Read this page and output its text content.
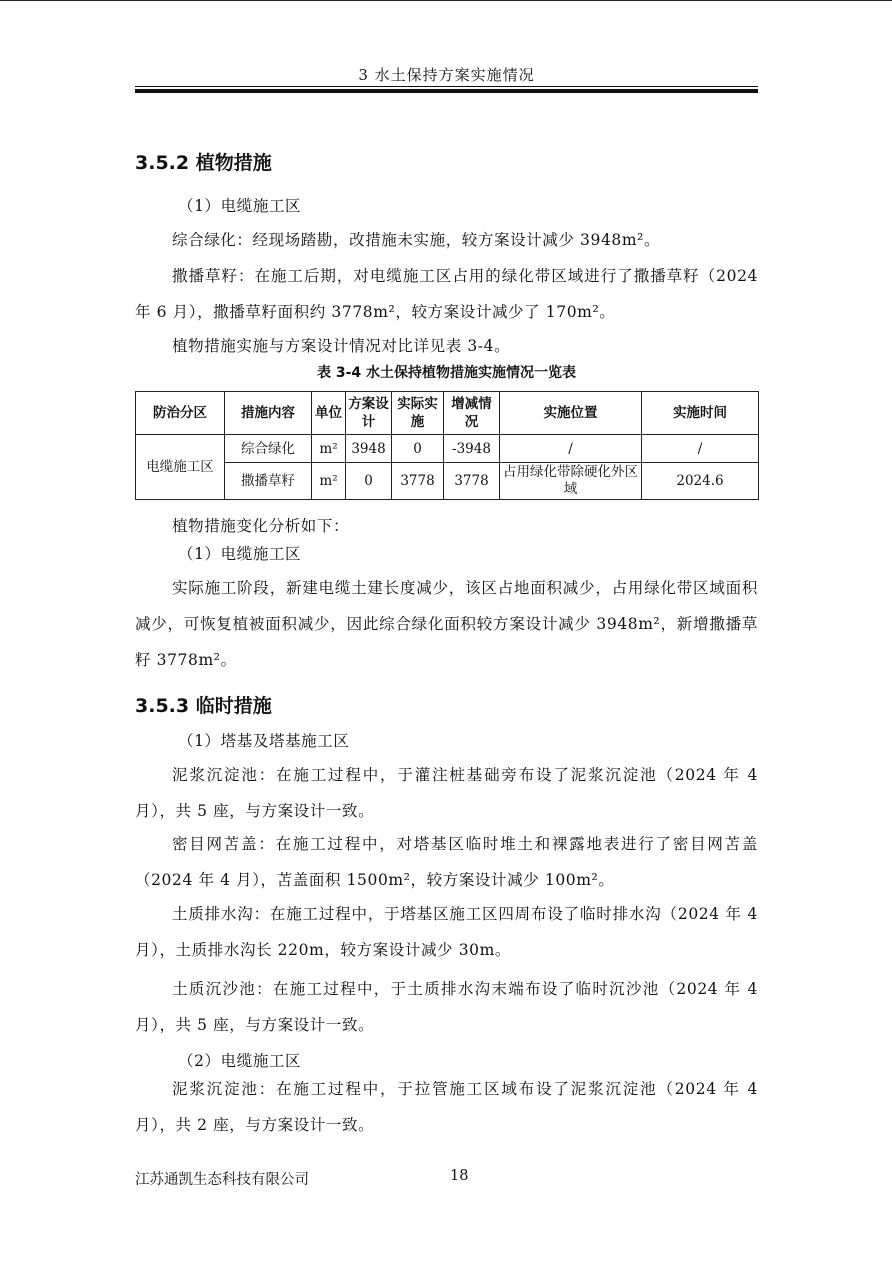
3 水土保持方案实施情况
3.5.2 植物措施
（1）电缆施工区
综合绿化：经现场踏勘，改措施未实施，较方案设计减少 3948m²。
撒播草籽：在施工后期，对电缆施工区占用的绿化带区域进行了撒播草籽（2024 年 6 月），撒播草籽面积约 3778m²，较方案设计减少了 170m²。
植物措施实施与方案设计情况对比详见表 3-4。
表 3-4 水土保持植物措施实施情况一览表
防治分区	措施内容	单位	方案设计	实际实施	增减情况	实施位置	实施时间
电缆施工区	综合绿化	m²	3948	0	-3948	/	/
	撒播草籽	m²	0	3778	3778	占用绿化带除硬化外区域	2024.6
植物措施变化分析如下：
（1）电缆施工区
实际施工阶段，新建电缆土建长度减少，该区占地面积减少，占用绿化带区域面积减少，可恢复植被面积减少，因此综合绿化面积较方案设计减少 3948m²，新增撒播草籽 3778m²。
3.5.3 临时措施
（1）塔基及塔基施工区
泥浆沉淀池：在施工过程中，于灌注桩基础旁布设了泥浆沉淀池（2024 年 4 月），共 5 座，与方案设计一致。
密目网苫盖：在施工过程中，对塔基区临时堆土和裸露地表进行了密目网苫盖（2024 年 4 月），苫盖面积 1500m²，较方案设计减少 100m²。
土质排水沟：在施工过程中，于塔基区施工区四周布设了临时排水沟（2024 年 4 月），土质排水沟长 220m，较方案设计减少 30m。
土质沉沙池：在施工过程中，于土质排水沟末端布设了临时沉沙池（2024 年 4 月），共 5 座，与方案设计一致。
（2）电缆施工区
泥浆沉淀池：在施工过程中，于拉管施工区域布设了泥浆沉淀池（2024 年 4 月），共 2 座，与方案设计一致。
江苏通凯生态科技有限公司	18
